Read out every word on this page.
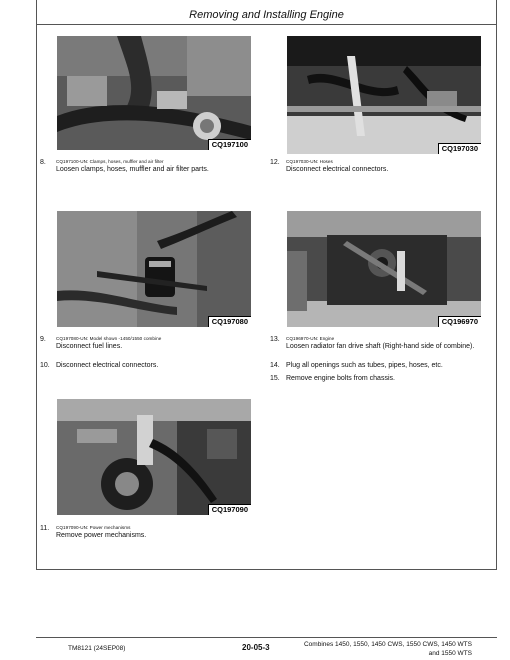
Removing and Installing Engine
CQ197100	CQ197030
8. CQ197100-UN: Clamps, hoses, muffler and air filter
Loosen clamps, hoses, muffler and air filter parts.
12. CQ197030-UN: Hoses
Disconnect electrical connectors.
CQ197080	CQ196970
9. CQ197080-UN: Model shown -1450/1550 combine
Disconnect fuel lines.
13. CQ196970-UN: Engine
Loosen radiator fan drive shaft (Right-hand side of combine).
10. Disconnect electrical connectors.	14. Plug all openings such as tubes, pipes, hoses, etc.
15. Remove engine bolts from chassis.
CQ197090
11. CQ197090-UN: Power mechanisms
Remove power mechanisms.
TM8121 (24SEP08)	20-05-3	Combines 1450, 1550, 1450 CWS, 1550 CWS, 1450 WTS
and 1550 WTS
